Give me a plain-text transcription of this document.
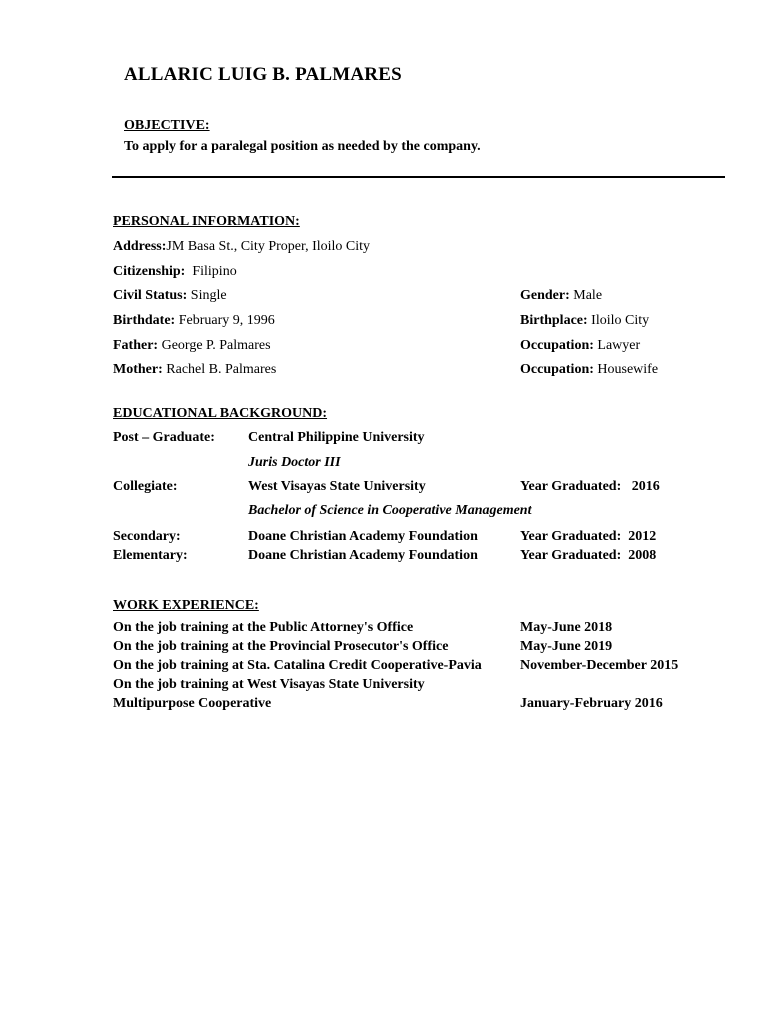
ALLARIC LUIG B. PALMARES
OBJECTIVE:
To apply for a paralegal position as needed by the company.
PERSONAL INFORMATION:
Address:JM Basa St., City Proper, Iloilo City
Citizenship: Filipino
Civil Status: Single	Gender: Male
Birthdate: February 9, 1996	Birthplace: Iloilo City
Father: George P. Palmares	Occupation: Lawyer
Mother: Rachel B. Palmares	Occupation: Housewife
EDUCATIONAL BACKGROUND:
Post – Graduate: Central Philippine University
Juris Doctor III
Collegiate:	West Visayas State University	Year Graduated: 2016
Bachelor of Science in Cooperative Management
Secondary:	Doane Christian Academy Foundation	Year Graduated: 2012
Elementary:	Doane Christian Academy Foundation	Year Graduated: 2008
WORK EXPERIENCE:
On the job training at the Public Attorney's Office	May-June 2018
On the job training at the Provincial Prosecutor's Office	May-June 2019
On the job training at Sta. Catalina Credit Cooperative-Pavia	November-December 2015
On the job training at West Visayas State University
Multipurpose Cooperative	January-February 2016
